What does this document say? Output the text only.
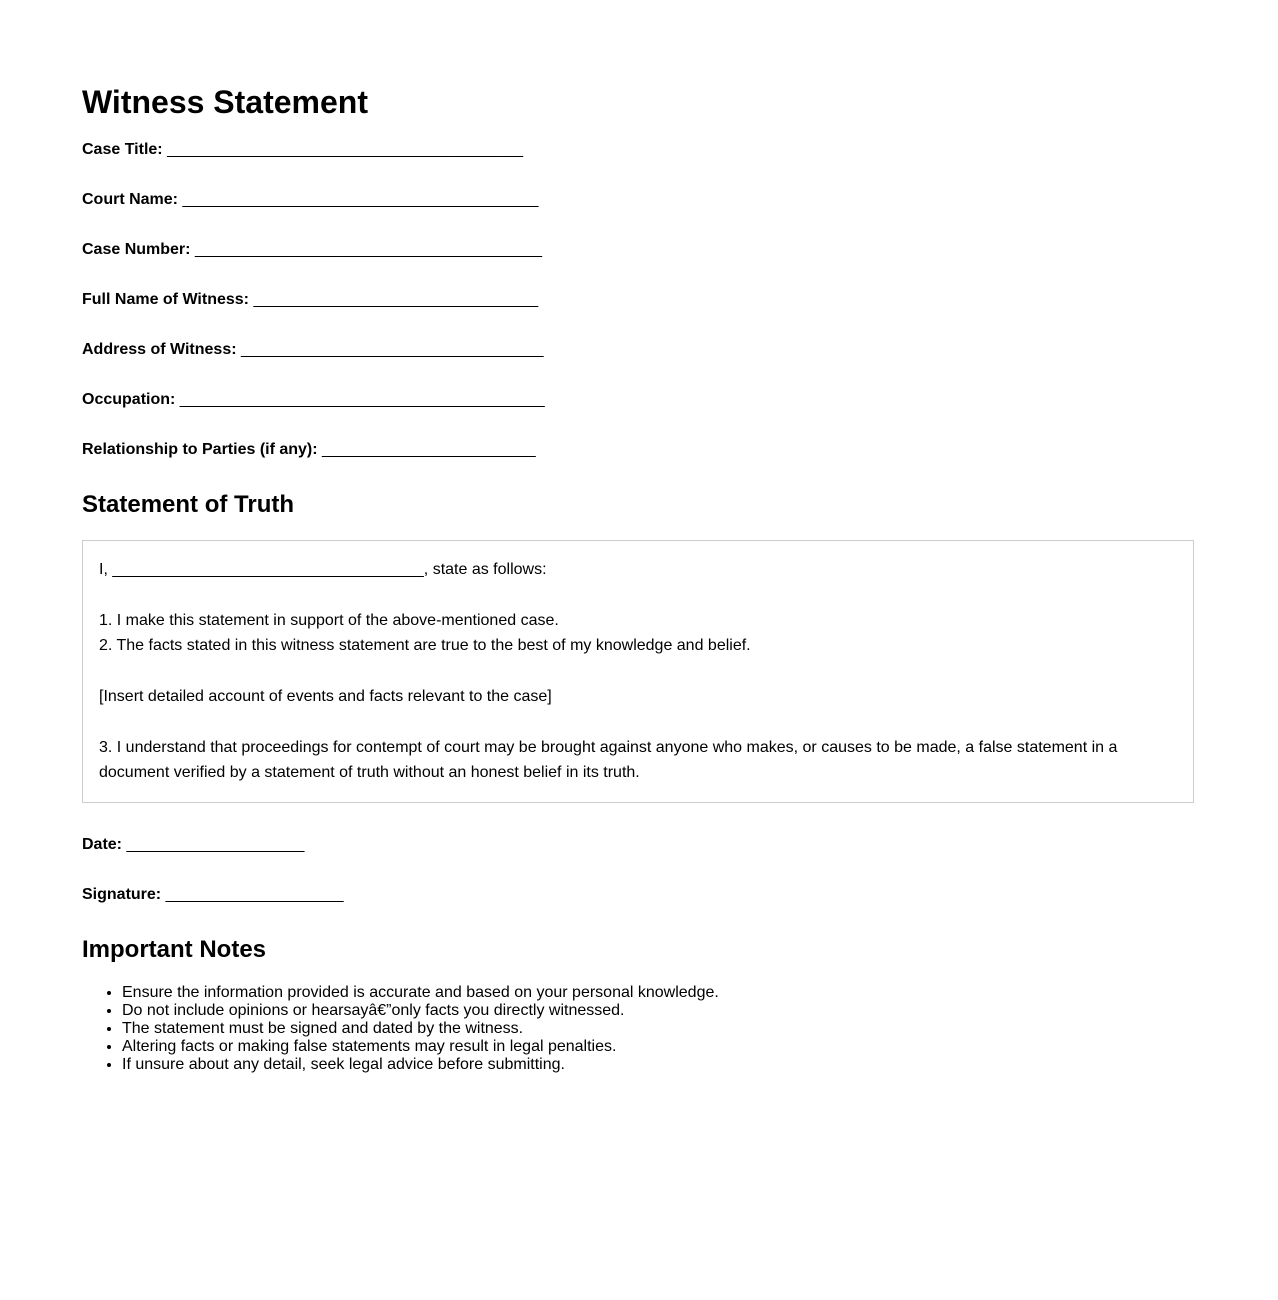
Witness Statement
Case Title: ________________________________________
Court Name: ________________________________________
Case Number: _______________________________________
Full Name of Witness: ________________________________
Address of Witness: __________________________________
Occupation: _________________________________________
Relationship to Parties (if any): ________________________
Statement of Truth

I, ___________________________________, state as follows:

1. I make this statement in support of the above-mentioned case.

2. The facts stated in this witness statement are true to the best of my knowledge and belief.

[Insert detailed account of events and facts relevant to the case]

3. I understand that proceedings for contempt of court may be brought against anyone who makes, or causes to be made, a false statement in a document verified by a statement of truth without an honest belief in its truth.

Date: ____________________
Signature: ____________________
Important Notes
• Ensure the information provided is accurate and based on your personal knowledge.
• Do not include opinions or hearsayâ€”only facts you directly witnessed.
• The statement must be signed and dated by the witness.
• Altering facts or making false statements may result in legal penalties.
• If unsure about any detail, seek legal advice before submitting.
